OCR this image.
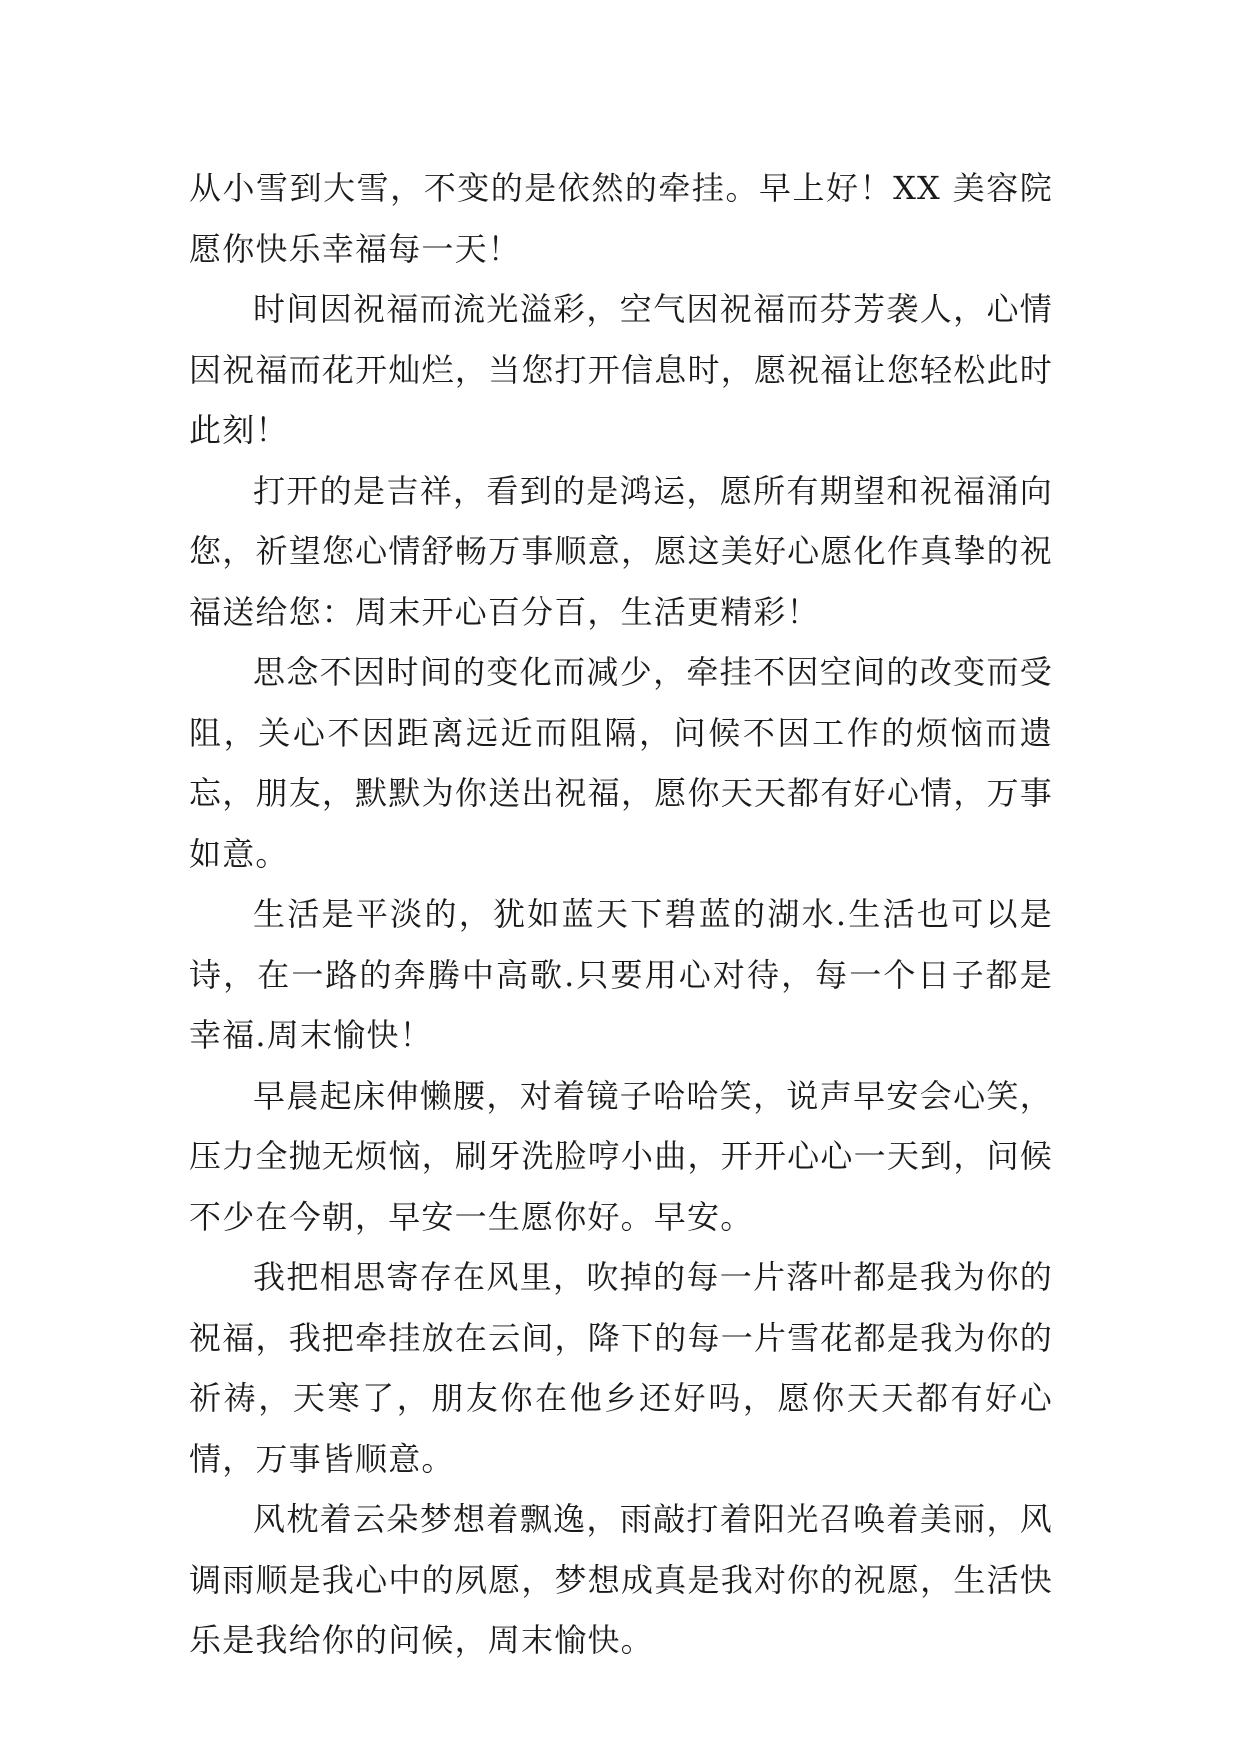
从小雪到大雪，不变的是依然的牵挂。早上好！XX 美容院愿你快乐幸福每一天！

时间因祝福而流光溢彩，空气因祝福而芬芳袭人，心情因祝福而花开灿烂，当您打开信息时，愿祝福让您轻松此时此刻！

打开的是吉祥，看到的是鸿运，愿所有期望和祝福涌向您，祈望您心情舒畅万事顺意，愿这美好心愿化作真挚的祝福送给您：周末开心百分百，生活更精彩！

思念不因时间的变化而减少，牵挂不因空间的改变而受阻，关心不因距离远近而阻隔，问候不因工作的烦恼而遗忘，朋友，默默为你送出祝福，愿你天天都有好心情，万事如意。

生活是平淡的，犹如蓝天下碧蓝的湖水.生活也可以是诗，在一路的奔腾中高歌.只要用心对待，每一个日子都是幸福.周末愉快！

早晨起床伸懒腰，对着镜子哈哈笑，说声早安会心笑，压力全抛无烦恼，刷牙洗脸哼小曲，开开心心一天到，问候不少在今朝，早安一生愿你好。早安。

我把相思寄存在风里，吹掉的每一片落叶都是我为你的祝福，我把牵挂放在云间，降下的每一片雪花都是我为你的祈祷，天寒了，朋友你在他乡还好吗，愿你天天都有好心情，万事皆顺意。

风枕着云朵梦想着飘逸，雨敲打着阳光召唤着美丽，风调雨顺是我心中的夙愿，梦想成真是我对你的祝愿，生活快乐是我给你的问候，周末愉快。
